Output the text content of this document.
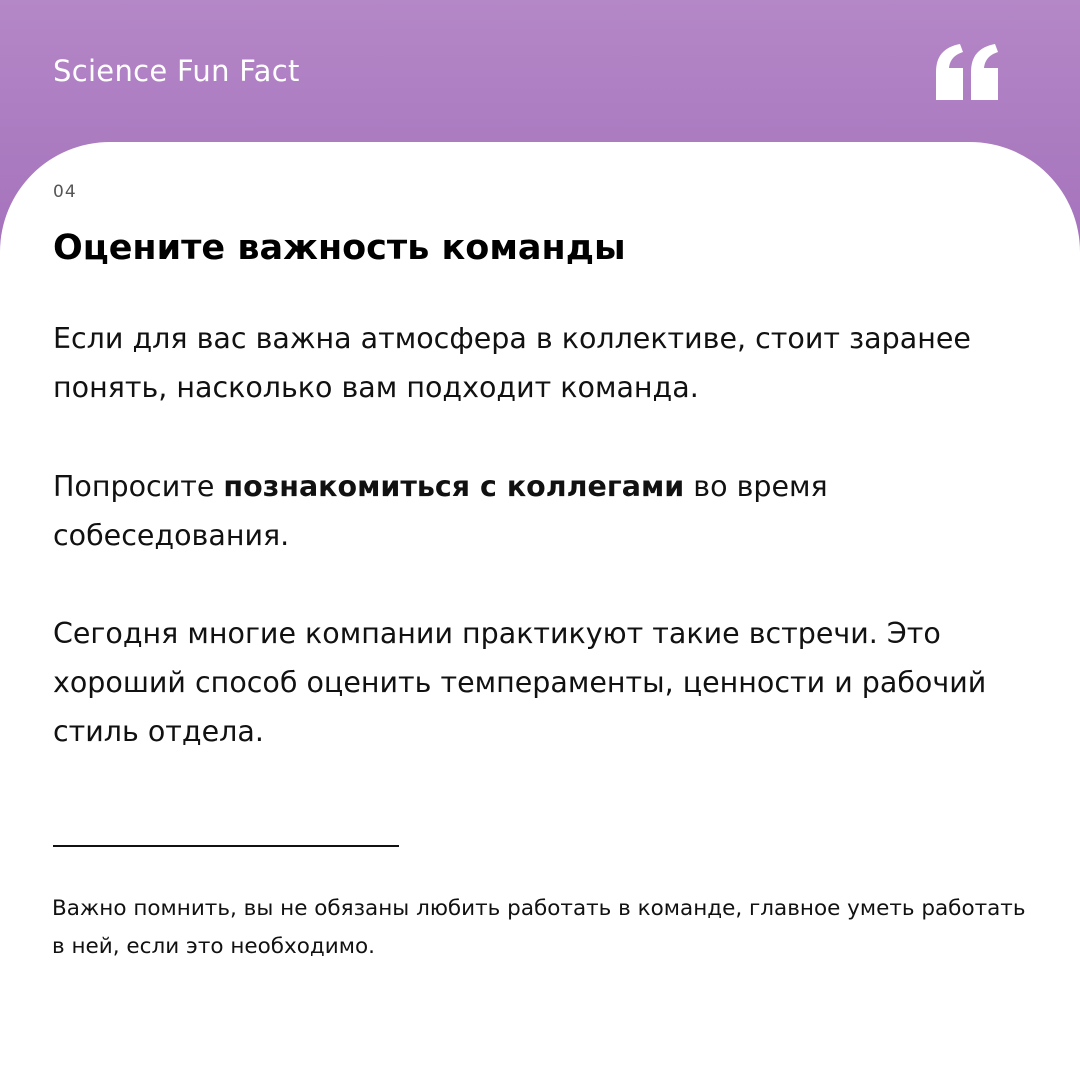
Science Fun Fact
04
Оцените важность команды

Если для вас важна атмосфера в коллективе, стоит заранее понять, насколько вам подходит команда.

Попросите познакомиться с коллегами во время собеседования.

Сегодня многие компании практикуют такие встречи. Это хороший способ оценить темпераменты, ценности и рабочий стиль отдела.

Важно помнить, вы не обязаны любить работать в команде, главное уметь работать в ней, если это необходимо.
